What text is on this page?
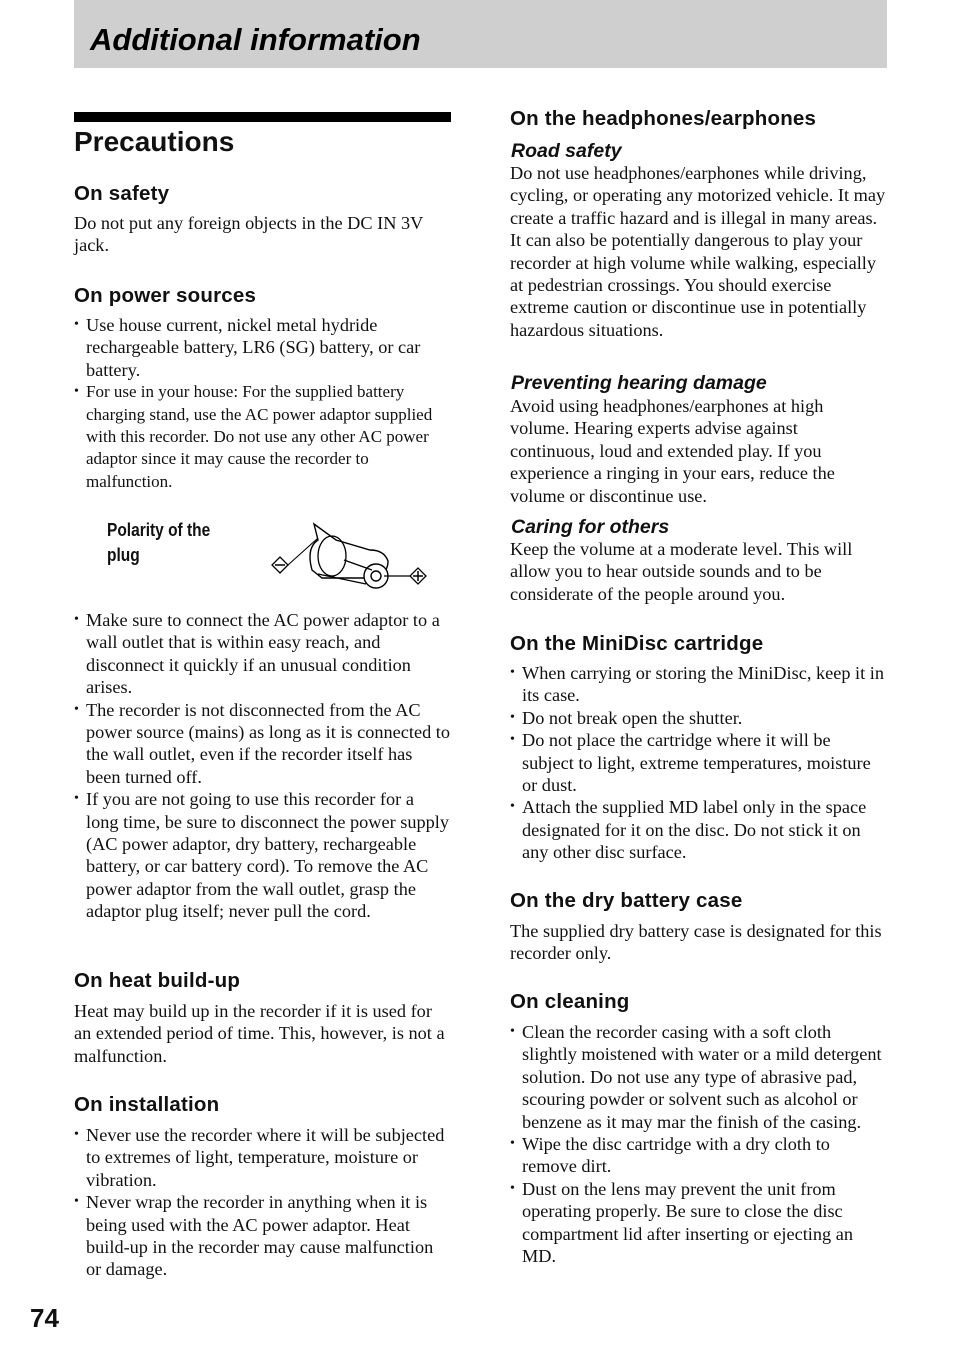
Additional information
Precautions
On safety

Do not put any foreign objects in the DC IN 3V jack.

On power sources
• Use house current, nickel metal hydride rechargeable battery, LR6 (SG) battery, or car battery.
• For use in your house: For the supplied battery charging stand, use the AC power adaptor supplied with this recorder. Do not use any other AC power adaptor since it may cause the recorder to malfunction.
Polarity of the plug
• Make sure to connect the AC power adaptor to a wall outlet that is within easy reach, and disconnect it quickly if an unusual condition arises.
• The recorder is not disconnected from the AC power source (mains) as long as it is connected to the wall outlet, even if the recorder itself has been turned off.
• If you are not going to use this recorder for a long time, be sure to disconnect the power supply (AC power adaptor, dry battery, rechargeable battery, or car battery cord). To remove the AC power adaptor from the wall outlet, grasp the adaptor plug itself; never pull the cord.
On heat build-up

Heat may build up in the recorder if it is used for an extended period of time. This, however, is not a malfunction.

On installation
• Never use the recorder where it will be subjected to extremes of light, temperature, moisture or vibration.
• Never wrap the recorder in anything when it is being used with the AC power adaptor. Heat build-up in the recorder may cause malfunction or damage.
On the headphones/earphones
Road safety

Do not use headphones/earphones while driving, cycling, or operating any motorized vehicle. It may create a traffic hazard and is illegal in many areas. It can also be potentially dangerous to play your recorder at high volume while walking, especially at pedestrian crossings. You should exercise extreme caution or discontinue use in potentially hazardous situations.

Preventing hearing damage

Avoid using headphones/earphones at high volume. Hearing experts advise against continuous, loud and extended play. If you experience a ringing in your ears, reduce the volume or discontinue use.

Caring for others

Keep the volume at a moderate level. This will allow you to hear outside sounds and to be considerate of the people around you.

On the MiniDisc cartridge
• When carrying or storing the MiniDisc, keep it in its case.
• Do not break open the shutter.
• Do not place the cartridge where it will be subject to light, extreme temperatures, moisture or dust.
• Attach the supplied MD label only in the space designated for it on the disc. Do not stick it on any other disc surface.
On the dry battery case

The supplied dry battery case is designated for this recorder only.

On cleaning
• Clean the recorder casing with a soft cloth slightly moistened with water or a mild detergent solution. Do not use any type of abrasive pad, scouring powder or solvent such as alcohol or benzene as it may mar the finish of the casing.
• Wipe the disc cartridge with a dry cloth to remove dirt.
• Dust on the lens may prevent the unit from operating properly. Be sure to close the disc compartment lid after inserting or ejecting an MD.
74
